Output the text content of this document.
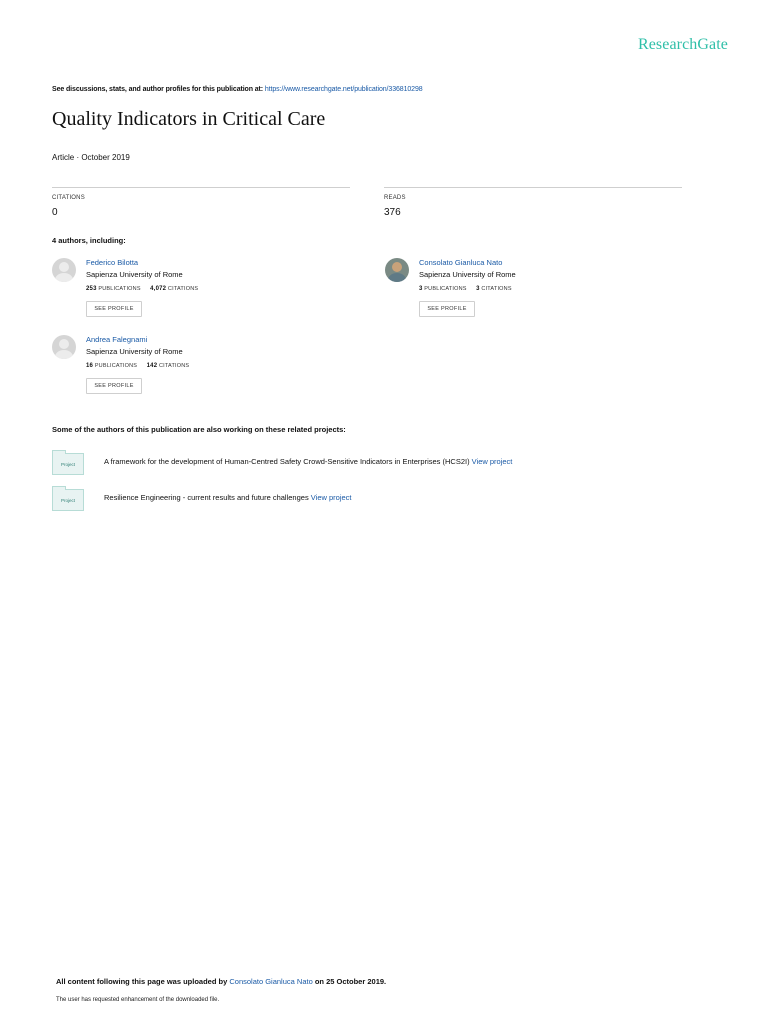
ResearchGate
See discussions, stats, and author profiles for this publication at: https://www.researchgate.net/publication/336810298
Quality Indicators in Critical Care
Article · October 2019
CITATIONS
0
READS
376
4 authors, including:
Federico Bilotta
Sapienza University of Rome
253 PUBLICATIONS 4,072 CITATIONS
SEE PROFILE
Consolato Gianluca Nato
Sapienza University of Rome
3 PUBLICATIONS 3 CITATIONS
SEE PROFILE
Andrea Falegnami
Sapienza University of Rome
16 PUBLICATIONS 142 CITATIONS
SEE PROFILE
Some of the authors of this publication are also working on these related projects:
Project	A framework for the development of Human-Centred Safety Crowd-Sensitive Indicators in Enterprises (HCS2I) View project
Project	Resilience Engineering - current results and future challenges View project
All content following this page was uploaded by Consolato Gianluca Nato on 25 October 2019.
The user has requested enhancement of the downloaded file.
